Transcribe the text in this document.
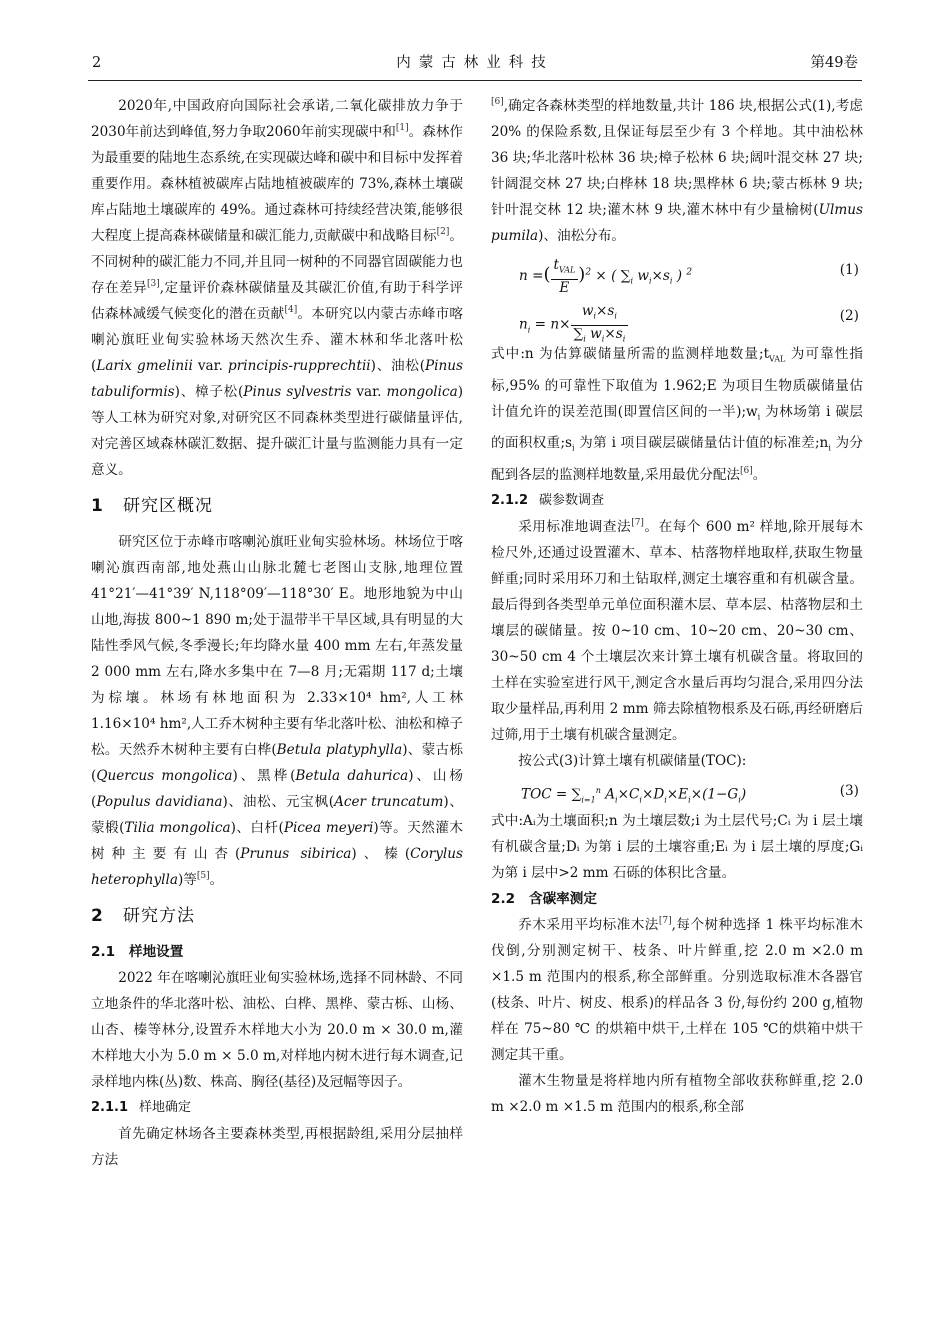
2	内蒙古林业科技	第49卷

2020年,中国政府向国际社会承诺,二氧化碳排放力争于2030年前达到峰值,努力争取2060年前实现碳中和[1]。森林作为最重要的陆地生态系统,在实现碳达峰和碳中和目标中发挥着重要作用。森林植被碳库占陆地植被碳库的 73%,森林土壤碳库占陆地土壤碳库的 49%。通过森林可持续经营决策,能够很大程度上提高森林碳储量和碳汇能力,贡献碳中和战略目标[2]。不同树种的碳汇能力不同,并且同一树种的不同器官固碳能力也存在差异[3],定量评价森林碳储量及其碳汇价值,有助于科学评估森林减缓气候变化的潜在贡献[4]。本研究以内蒙古赤峰市喀喇沁旗旺业甸实验林场天然次生乔、灌木林和华北落叶松(Larix gmelinii var. principis-rupprechtii)、油松(Pinus tabuliformis)、樟子松(Pinus sylvestris var. mongolica)等人工林为研究对象,对研究区不同森林类型进行碳储量评估,对完善区域森林碳汇数据、提升碳汇计量与监测能力具有一定意义。

1 研究区概况

研究区位于赤峰市喀喇沁旗旺业甸实验林场。林场位于喀喇沁旗西南部,地处燕山山脉北麓七老图山支脉,地理位置 41°21′—41°39′ N,118°09′—118°30′ E。地形地貌为中山山地,海拔 800~1 890 m;处于温带半干旱区域,具有明显的大陆性季风气候,冬季漫长;年均降水量 400 mm 左右,年蒸发量 2 000 mm 左右,降水多集中在 7—8 月;无霜期 117 d;土壤为棕壤。林场有林地面积为 2.33×10⁴ hm²,人工林 1.16×10⁴ hm²,人工乔木树种主要有华北落叶松、油松和樟子松。天然乔木树种主要有白桦(Betula platyphylla)、蒙古栎(Quercus mongolica)、黑桦(Betula dahurica)、山杨(Populus davidiana)、油松、元宝枫(Acer truncatum)、蒙椴(Tilia mongolica)、白杄(Picea meyeri)等。天然灌木树种主要有山杏(Prunus sibirica)、榛(Corylus heterophylla)等[5]。

2 研究方法
2.1 样地设置

2022 年在喀喇沁旗旺业甸实验林场,选择不同林龄、不同立地条件的华北落叶松、油松、白桦、黑桦、蒙古栎、山杨、山杏、榛等林分,设置乔木样地大小为 20.0 m × 30.0 m,灌木样地大小为 5.0 m × 5.0 m,对样地内树木进行每木调查,记录样地内株(丛)数、株高、胸径(基径)及冠幅等因子。

2.1.1 样地确定

首先确定林场各主要森林类型,再根据龄组,采用分层抽样方法

[6],确定各森林类型的样地数量,共计 186 块,根据公式(1),考虑 20% 的保险系数,且保证每层至少有 3 个样地。其中油松林 36 块;华北落叶松林 36 块;樟子松林 6 块;阔叶混交林 27 块;针阔混交林 27 块;白桦林 18 块;黑桦林 6 块;蒙古栎林 9 块;针叶混交林 12 块;灌木林 9 块,灌木林中有少量榆树(Ulmus pumila)、油松分布。

n =( $\frac{t_{VAL}}{E} )^2$ × ( $\sum_i$ $w_i\times s_i$ ) $^2$	(1)
$n_i = n\times \frac{w_i\times s_i}{\sum_i w_i\times s_i}$	(2)

式中:n 为估算碳储量所需的监测样地数量$;t_{VAL}$ 为可靠性指标,95% 的可靠性下取值为 1.962;E 为项目生物质碳储量估计值允许的误差范围(即置信区间的一半)$;w_i$ 为林场第 i 碳层的面积权重$;s_i$ 为第 i 项目碳层碳储量估计值的标准差$;n_i$ 为分配到各层的监测样地数量,采用最优分配法[6]。

2.1.2 碳参数调查

采用标准地调查法[7]。在每个 600 m² 样地,除开展每木检尺外,还通过设置灌木、草本、枯落物样地取样,获取生物量鲜重;同时采用环刀和土钻取样,测定土壤容重和有机碳含量。最后得到各类型单元单位面积灌木层、草本层、枯落物层和土壤层的碳储量。按 0~10 cm、10~20 cm、20~30 cm、30~50 cm 4 个土壤层次来计算土壤有机碳含量。将取回的土样在实验室进行风干,测定含水量后再均匀混合,采用四分法取少量样品,再利用 2 mm 筛去除植物根系及石砾,再经研磨后过筛,用于土壤有机碳含量测定。

按公式(3)计算土壤有机碳储量(TOC):

TOC = $\sum_{i=1}^n$ $A_i\times C_i\times D_i\times E_i\times(1-G_i)$	(3)

式中:Aᵢ为土壤面积;n 为土壤层数;i 为土层代号;Cᵢ 为 i 层土壤有机碳含量;Dᵢ 为第 i 层的土壤容重;Eᵢ 为 i 层土壤的厚度;Gᵢ 为第 i 层中>2 mm 石砾的体积比含量。

2.2 含碳率测定

乔木采用平均标准木法[7],每个树种选择 1 株平均标准木伐倒,分别测定树干、枝条、叶片鲜重,挖 2.0 m ×2.0 m ×1.5 m 范围内的根系,称全部鲜重。分别选取标准木各器官(枝条、叶片、树皮、根系)的样品各 3 份,每份约 200 g,植物样在 75~80 ℃ 的烘箱中烘干,土样在 105 ℃的烘箱中烘干测定其干重。

灌木生物量是将样地内所有植物全部收获称鲜重,挖 2.0 m ×2.0 m ×1.5 m 范围内的根系,称全部
